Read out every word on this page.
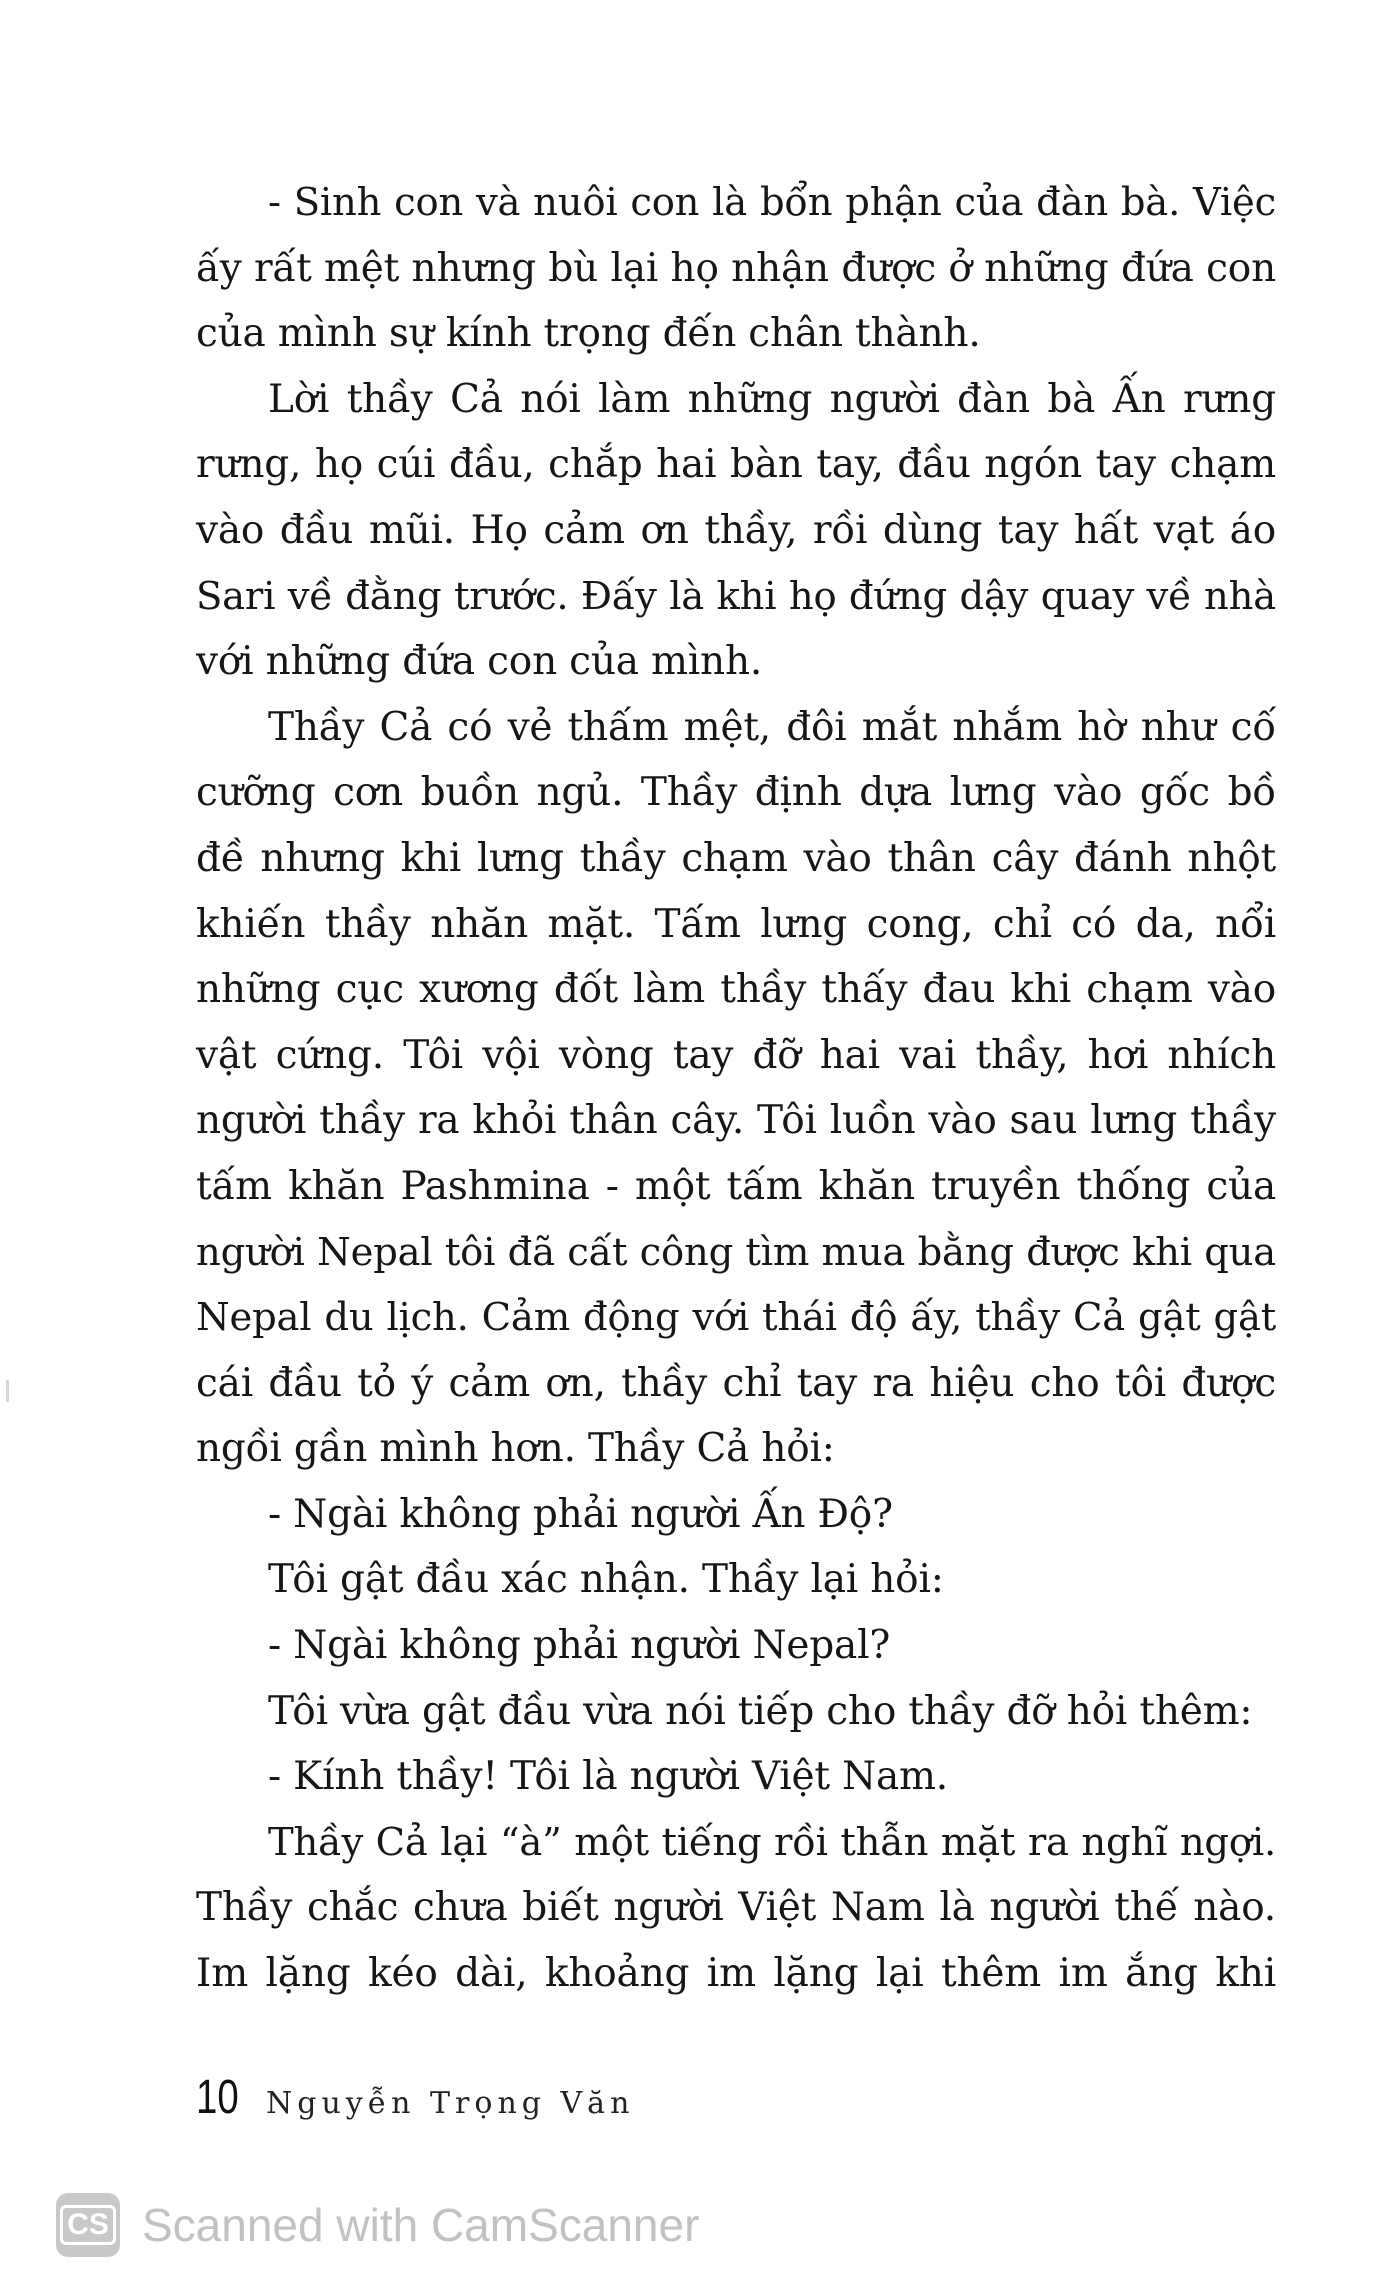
- Sinh con và nuôi con là bổn phận của đàn bà. Việc
ấy rất mệt nhưng bù lại họ nhận được ở những đứa con
của mình sự kính trọng đến chân thành.
Lời thầy Cả nói làm những người đàn bà Ấn rưng
rưng, họ cúi đầu, chắp hai bàn tay, đầu ngón tay chạm
vào đầu mũi. Họ cảm ơn thầy, rồi dùng tay hất vạt áo
Sari về đằng trước. Đấy là khi họ đứng dậy quay về nhà
với những đứa con của mình.
Thầy Cả có vẻ thấm mệt, đôi mắt nhắm hờ như cố
cưỡng cơn buồn ngủ. Thầy định dựa lưng vào gốc bồ
đề nhưng khi lưng thầy chạm vào thân cây đánh nhột
khiến thầy nhăn mặt. Tấm lưng cong, chỉ có da, nổi
những cục xương đốt làm thầy thấy đau khi chạm vào
vật cứng. Tôi vội vòng tay đỡ hai vai thầy, hơi nhích
người thầy ra khỏi thân cây. Tôi luồn vào sau lưng thầy
tấm khăn Pashmina - một tấm khăn truyền thống của
người Nepal tôi đã cất công tìm mua bằng được khi qua
Nepal du lịch. Cảm động với thái độ ấy, thầy Cả gật gật
cái đầu tỏ ý cảm ơn, thầy chỉ tay ra hiệu cho tôi được
ngồi gần mình hơn. Thầy Cả hỏi:
- Ngài không phải người Ấn Độ?
Tôi gật đầu xác nhận. Thầy lại hỏi:
- Ngài không phải người Nepal?
Tôi vừa gật đầu vừa nói tiếp cho thầy đỡ hỏi thêm:
- Kính thầy! Tôi là người Việt Nam.
Thầy Cả lại “à” một tiếng rồi thẫn mặt ra nghĩ ngợi.
Thầy chắc chưa biết người Việt Nam là người thế nào.
Im lặng kéo dài, khoảng im lặng lại thêm im ắng khi
10 Nguyễn Trọng Văn
CS Scanned with CamScanner
